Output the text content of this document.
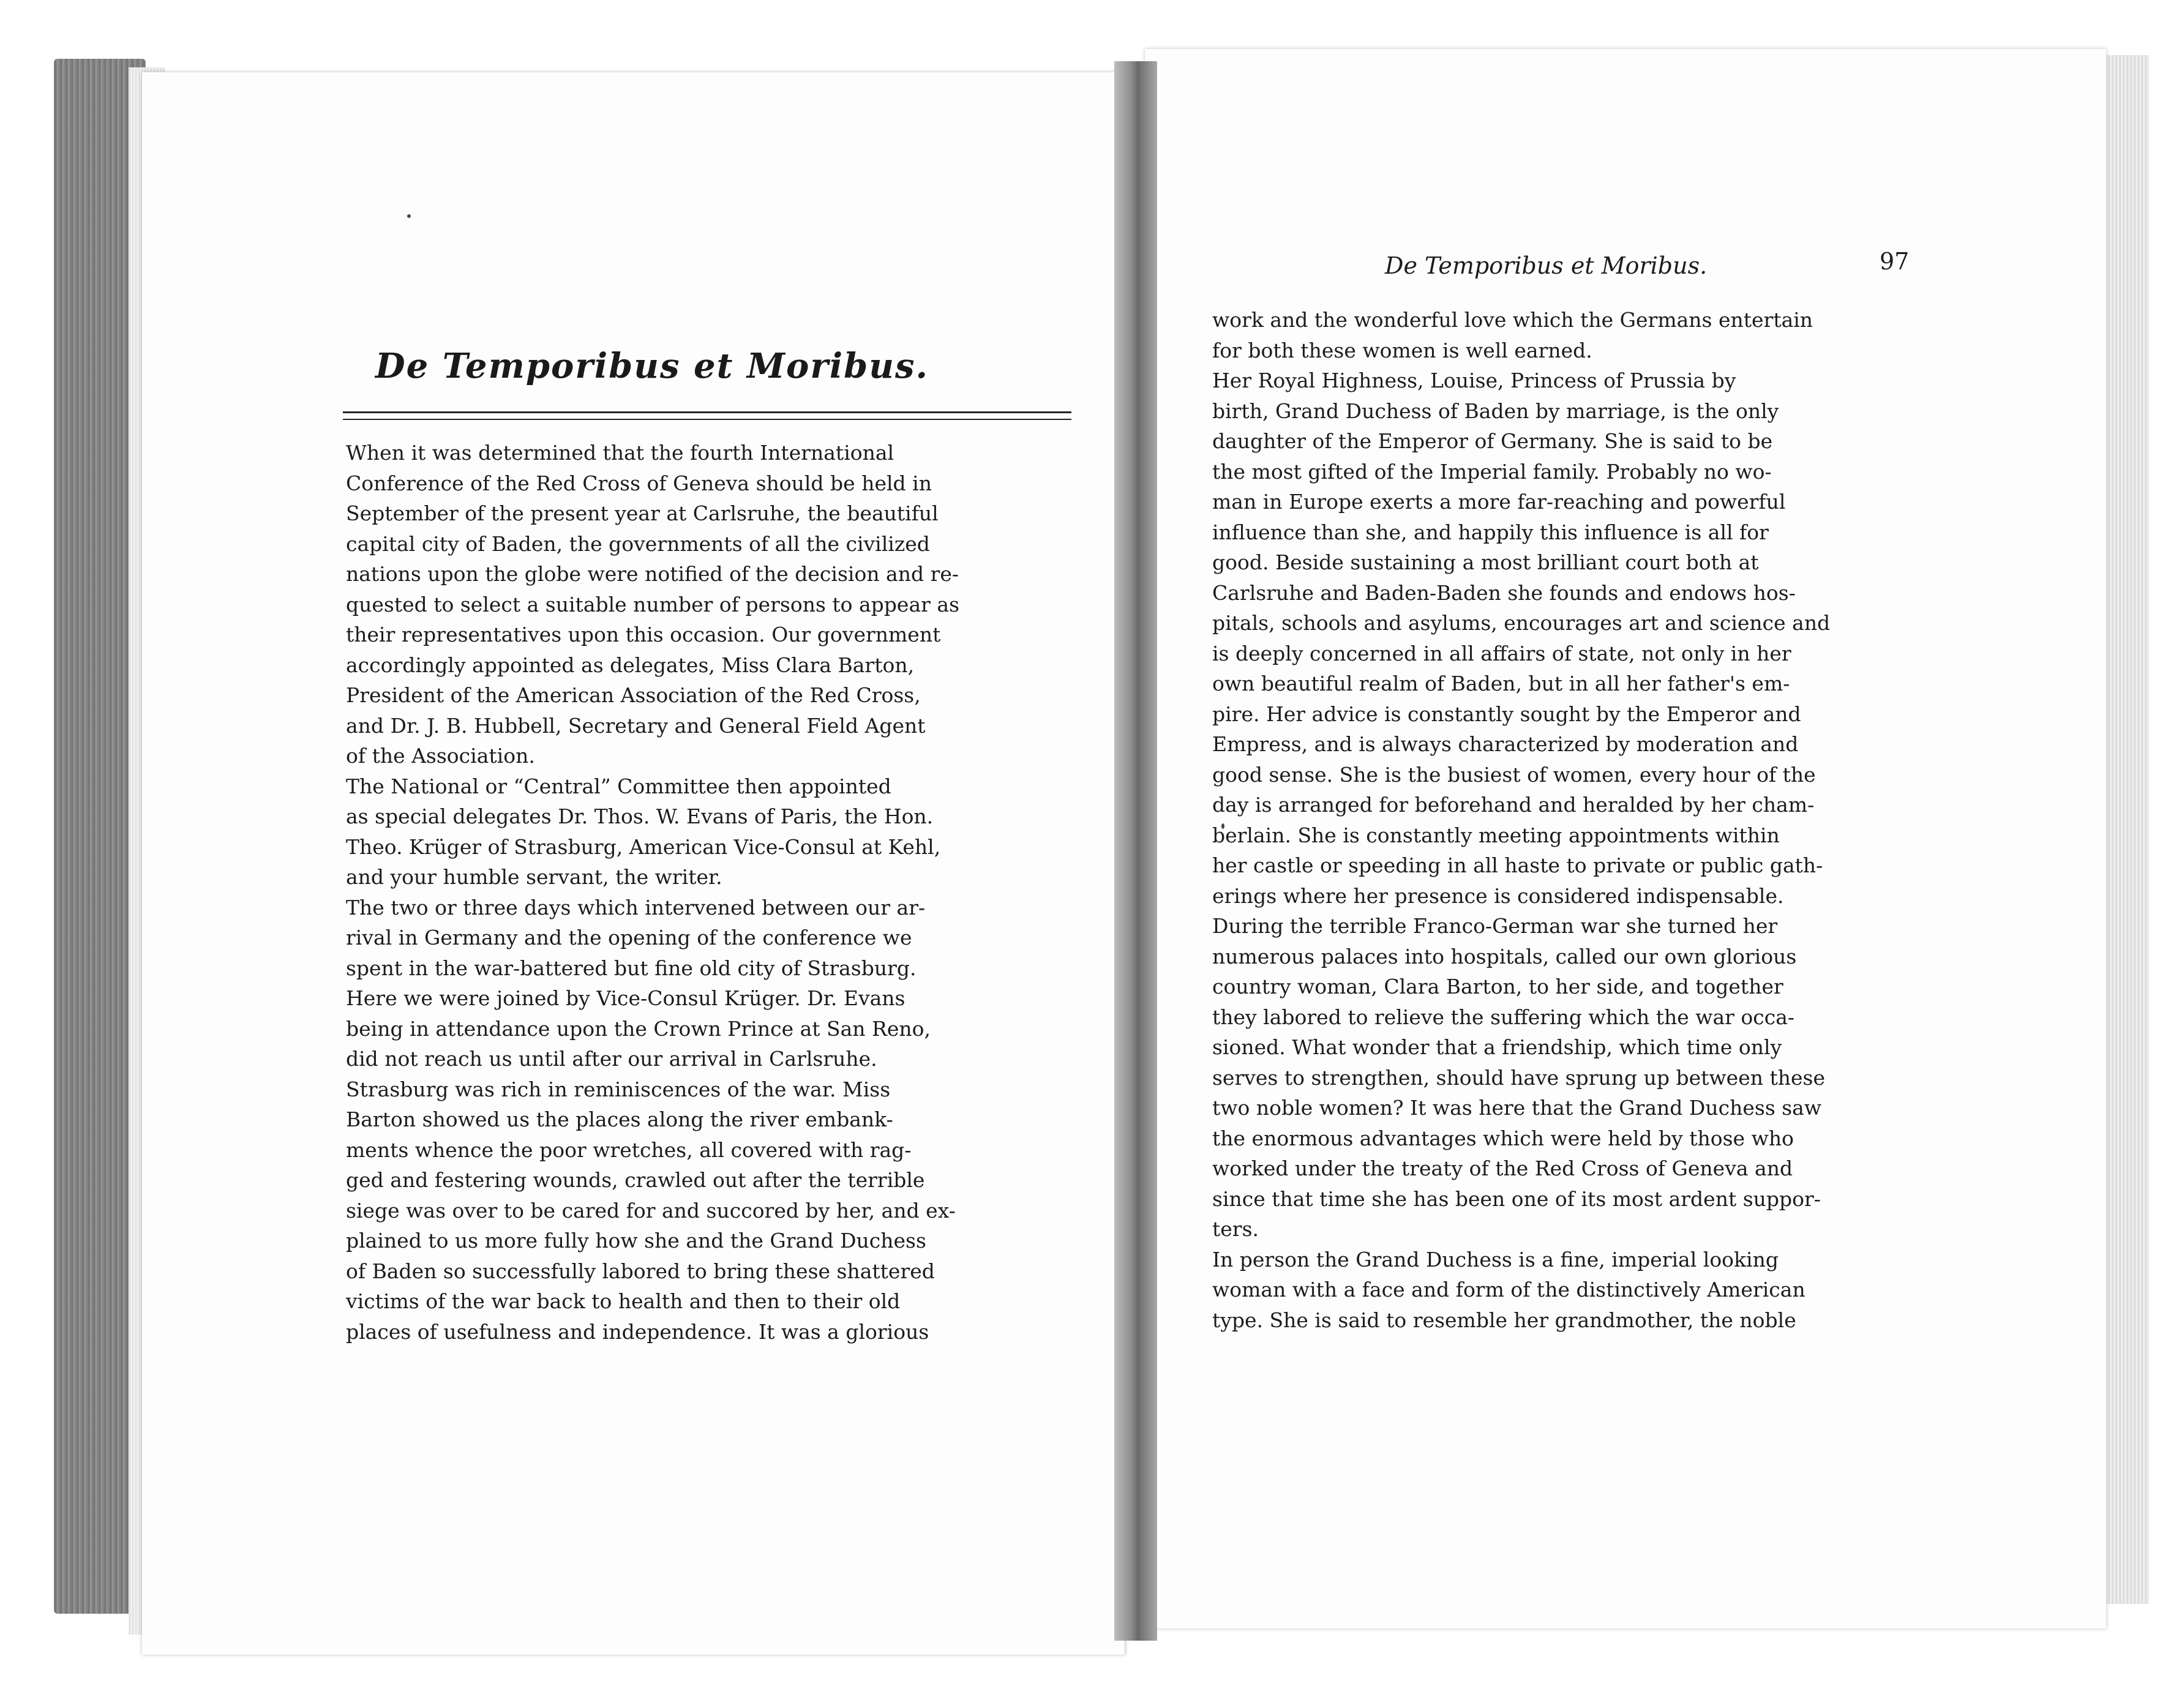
De Temporibus et Moribus.
When it was determined that the fourth International
Conference of the Red Cross of Geneva should be held in
September of the present year at Carlsruhe, the beautiful
capital city of Baden, the governments of all the civilized
nations upon the globe were notified of the decision and re-
quested to select a suitable number of persons to appear as
their representatives upon this occasion. Our government
accordingly appointed as delegates, Miss Clara Barton,
President of the American Association of the Red Cross,
and Dr. J. B. Hubbell, Secretary and General Field Agent
of the Association.
The National or “Central” Committee then appointed
as special delegates Dr. Thos. W. Evans of Paris, the Hon.
Theo. Krüger of Strasburg, American Vice-Consul at Kehl,
and your humble servant, the writer.
The two or three days which intervened between our ar-
rival in Germany and the opening of the conference we
spent in the war-battered but fine old city of Strasburg.
Here we were joined by Vice-Consul Krüger. Dr. Evans
being in attendance upon the Crown Prince at San Reno,
did not reach us until after our arrival in Carlsruhe.
Strasburg was rich in reminiscences of the war. Miss
Barton showed us the places along the river embank-
ments whence the poor wretches, all covered with rag-
ged and festering wounds, crawled out after the terrible
siege was over to be cared for and succored by her, and ex-
plained to us more fully how she and the Grand Duchess
of Baden so successfully labored to bring these shattered
victims of the war back to health and then to their old
places of usefulness and independence. It was a glorious
De Temporibus et Moribus.	97
work and the wonderful love which the Germans entertain
for both these women is well earned.
Her Royal Highness, Louise, Princess of Prussia by
birth, Grand Duchess of Baden by marriage, is the only
daughter of the Emperor of Germany. She is said to be
the most gifted of the Imperial family. Probably no wo-
man in Europe exerts a more far-reaching and powerful
influence than she, and happily this influence is all for
good. Beside sustaining a most brilliant court both at
Carlsruhe and Baden-Baden she founds and endows hos-
pitals, schools and asylums, encourages art and science and
is deeply concerned in all affairs of state, not only in her
own beautiful realm of Baden, but in all her father's em-
pire. Her advice is constantly sought by the Emperor and
Empress, and is always characterized by moderation and
good sense. She is the busiest of women, every hour of the
day is arranged for beforehand and heralded by her cham-
berlain. She is constantly meeting appointments within
her castle or speeding in all haste to private or public gath-
erings where her presence is considered indispensable.
During the terrible Franco-German war she turned her
numerous palaces into hospitals, called our own glorious
country woman, Clara Barton, to her side, and together
they labored to relieve the suffering which the war occa-
sioned. What wonder that a friendship, which time only
serves to strengthen, should have sprung up between these
two noble women? It was here that the Grand Duchess saw
the enormous advantages which were held by those who
worked under the treaty of the Red Cross of Geneva and
since that time she has been one of its most ardent suppor-
ters.
In person the Grand Duchess is a fine, imperial looking
woman with a face and form of the distinctively American
type. She is said to resemble her grandmother, the noble
